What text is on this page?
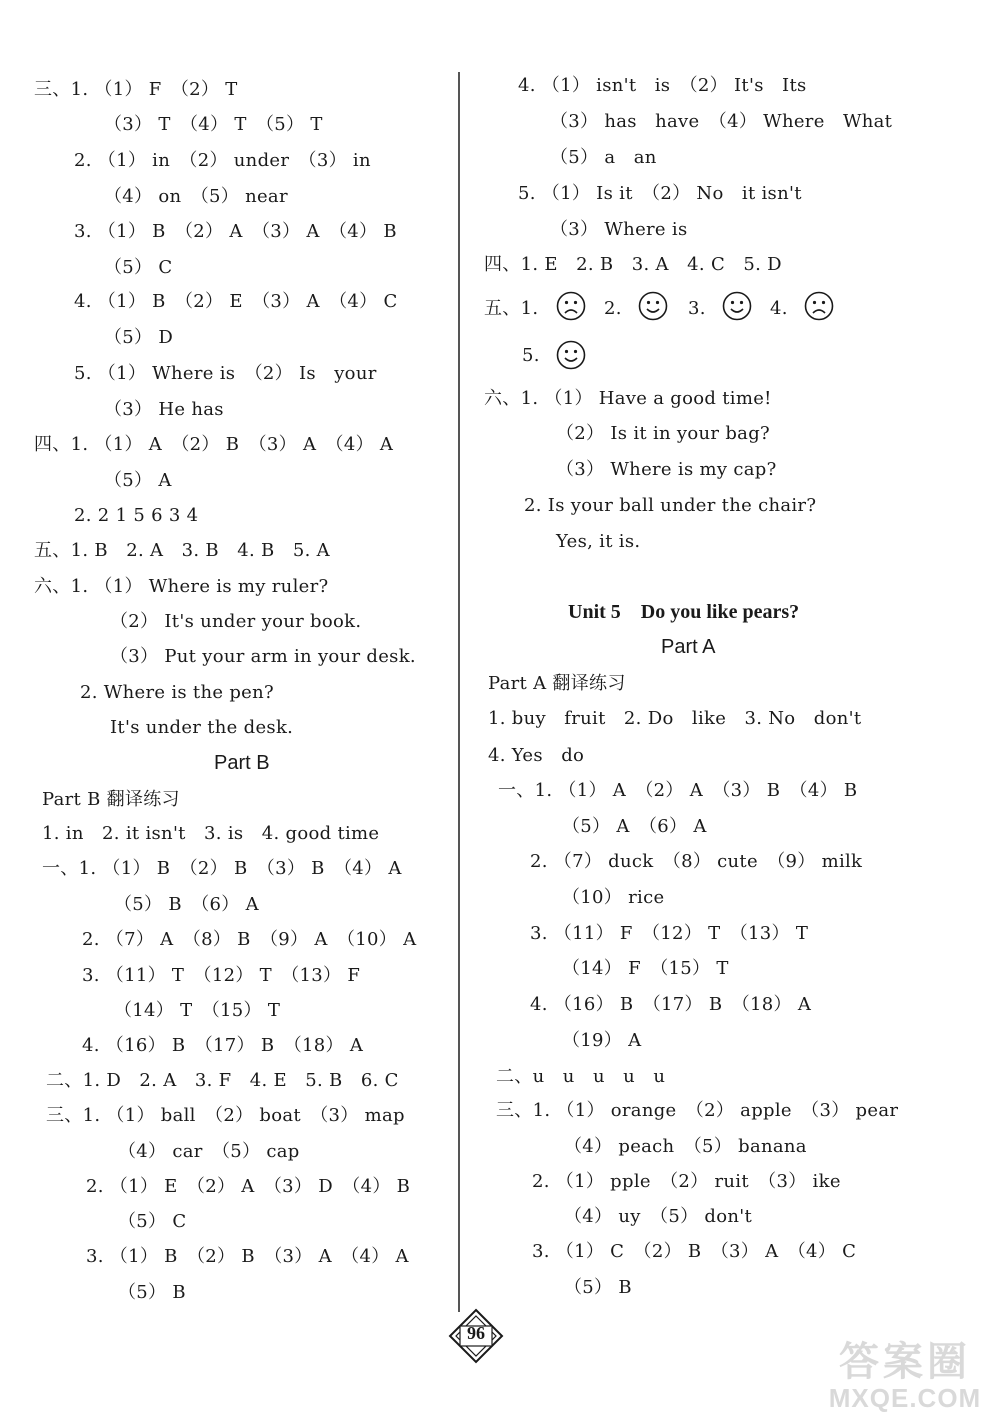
三、1. （1） F　（2） T
（3） T　（4） T　（5） T
2. （1） in　（2） under　（3） in
（4） on　（5） near
3. （1） B　（2） A　（3） A　（4） B
（5） C
4. （1） B　（2） E　（3） A　（4） C
（5） D
5. （1） Where is　（2） Is　your
（3） He has
四、1. （1） A　（2） B　（3） A　（4） A
（5） A
2. 2 1 5 6 3 4
五、1. B　2. A　3. B　4. B　5. A
六、1. （1） Where is my ruler?
（2） It's under your book.
（3） Put your arm in your desk.
2. Where is the pen?
It's under the desk.
Part B
Part B 翻译练习
1. in　2. it isn't　3. is　4. good time
一、1. （1） B　（2） B　（3） B　（4） A
（5） B　（6） A
2. （7） A　（8） B　（9） A　（10） A
3. （11） T　（12） T　（13） F
（14） T　（15） T
4. （16） B　（17） B　（18） A
二、1. D　2. A　3. F　4. E　5. B　6. C
三、1. （1） ball　（2） boat　（3） map
（4） car　（5） cap
2. （1） E　（2） A　（3） D　（4） B
（5） C
3. （1） B　（2） B　（3） A　（4） A
（5） B
4. （1） isn't　is　（2） It's　Its
（3） has　have　（4） Where　What
（5） a　an
5. （1） Is it　（2） No　it isn't
（3） Where is
四、1. E　2. B　3. A　4. C　5. D
五、1.	2.	3.	4.
5.
六、1. （1） Have a good time!
（2） Is it in your bag?
（3） Where is my cap?
2. Is your ball under the chair?
Yes, it is.
Unit 5　Do you like pears?
Part A
Part A 翻译练习
1. buy　fruit　2. Do　like　3. No　don't
4. Yes　do
一、1. （1） A　（2） A　（3） B　（4） B
（5） A　（6） A
2. （7） duck　（8） cute　（9） milk
（10） rice
3. （11） F　（12） T　（13） T
（14） F　（15） T
4. （16） B　（17） B　（18） A
（19） A
二、u　u　u　u　u
三、1. （1） orange　（2） apple　（3） pear
（4） peach　（5） banana
2. （1） pple　（2） ruit　（3） ike
（4） uy　（5） don't
3. （1） C　（2） B　（3） A　（4） C
（5） B
96
答案圈
MXQE.COM
